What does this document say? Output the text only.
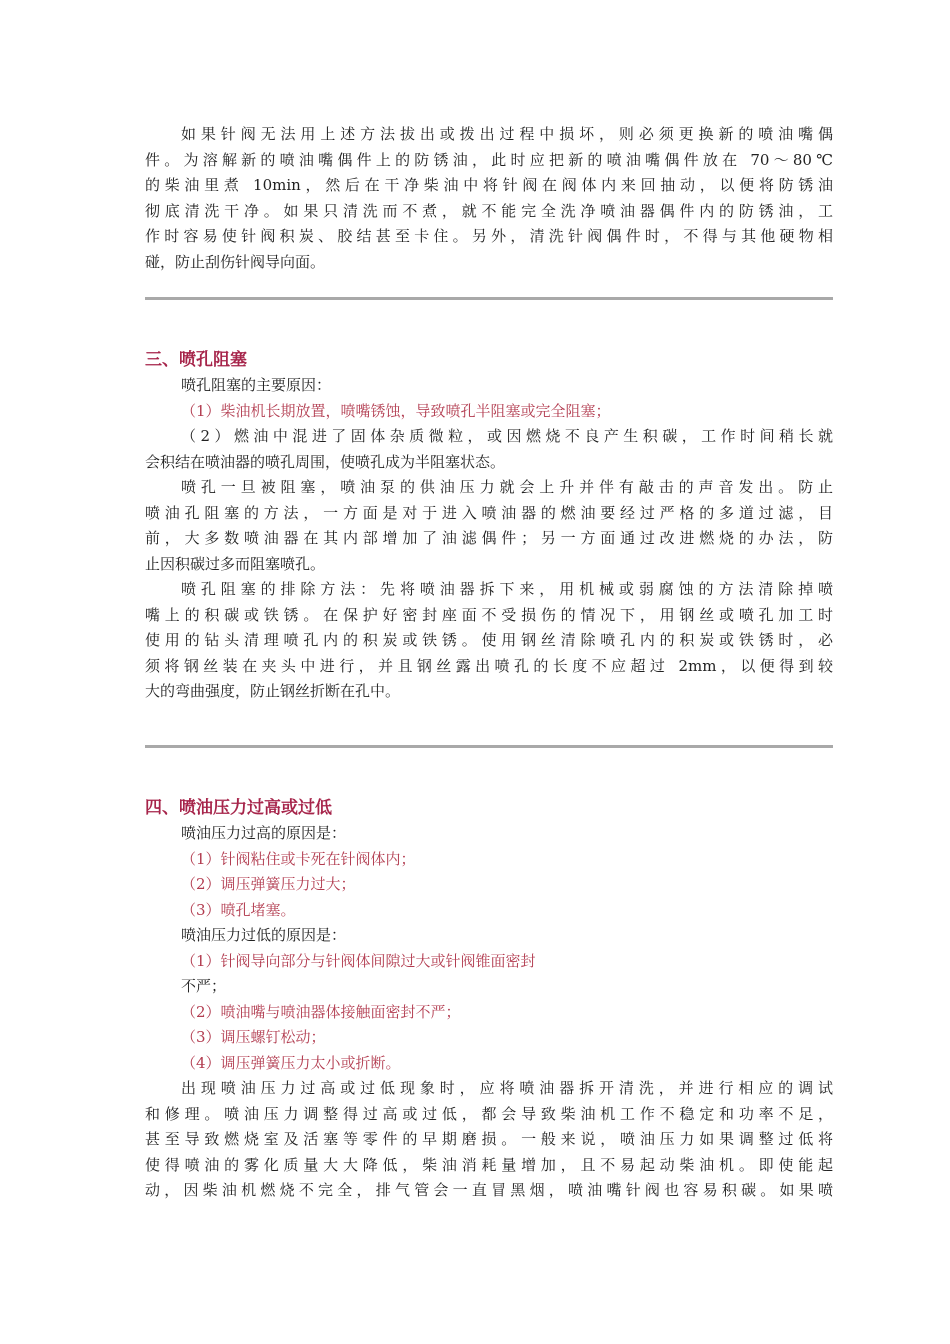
如果针阀无法用上述方法拔出或拨出过程中损坏，则必须更换新的喷油嘴偶
件。为溶解新的喷油嘴偶件上的防锈油，此时应把新的喷油嘴偶件放在 70～80℃
的柴油里煮 10min，然后在干净柴油中将针阀在阀体内来回抽动，以便将防锈油
彻底清洗干净。如果只清洗而不煮，就不能完全洗净喷油器偶件内的防锈油，工
作时容易使针阀积炭、胶结甚至卡住。另外，清洗针阀偶件时，不得与其他硬物相
碰，防止刮伤针阀导向面。
三、喷孔阻塞
喷孔阻塞的主要原因：
（1）柴油机长期放置，喷嘴锈蚀，导致喷孔半阻塞或完全阻塞；
（2）燃油中混进了固体杂质微粒，或因燃烧不良产生积碳，工作时间稍长就
会积结在喷油器的喷孔周围，使喷孔成为半阻塞状态。
喷孔一旦被阻塞，喷油泵的供油压力就会上升并伴有敲击的声音发出。防止
喷油孔阻塞的方法，一方面是对于进入喷油器的燃油要经过严格的多道过滤，目
前，大多数喷油器在其内部增加了油滤偶件；另一方面通过改进燃烧的办法，防
止因积碳过多而阻塞喷孔。
喷孔阻塞的排除方法：先将喷油器拆下来，用机械或弱腐蚀的方法清除掉喷
嘴上的积碳或铁锈。在保护好密封座面不受损伤的情况下，用钢丝或喷孔加工时
使用的钻头清理喷孔内的积炭或铁锈。使用钢丝清除喷孔内的积炭或铁锈时，必
须将钢丝装在夹头中进行，并且钢丝露出喷孔的长度不应超过 2mm，以便得到较
大的弯曲强度，防止钢丝折断在孔中。
四、喷油压力过高或过低
喷油压力过高的原因是：
（1）针阀粘住或卡死在针阀体内；
（2）调压弹簧压力过大；
（3）喷孔堵塞。
喷油压力过低的原因是：
（1）针阀导向部分与针阀体间隙过大或针阀锥面密封
不严；
（2）喷油嘴与喷油器体接触面密封不严；
（3）调压螺钉松动；
（4）调压弹簧压力太小或折断。
出现喷油压力过高或过低现象时，应将喷油器拆开清洗，并进行相应的调试
和修理。喷油压力调整得过高或过低，都会导致柴油机工作不稳定和功率不足，
甚至导致燃烧室及活塞等零件的早期磨损。一般来说，喷油压力如果调整过低将
使得喷油的雾化质量大大降低，柴油消耗量增加，且不易起动柴油机。即使能起
动，因柴油机燃烧不完全，排气管会一直冒黑烟，喷油嘴针阀也容易积碳。如果喷
